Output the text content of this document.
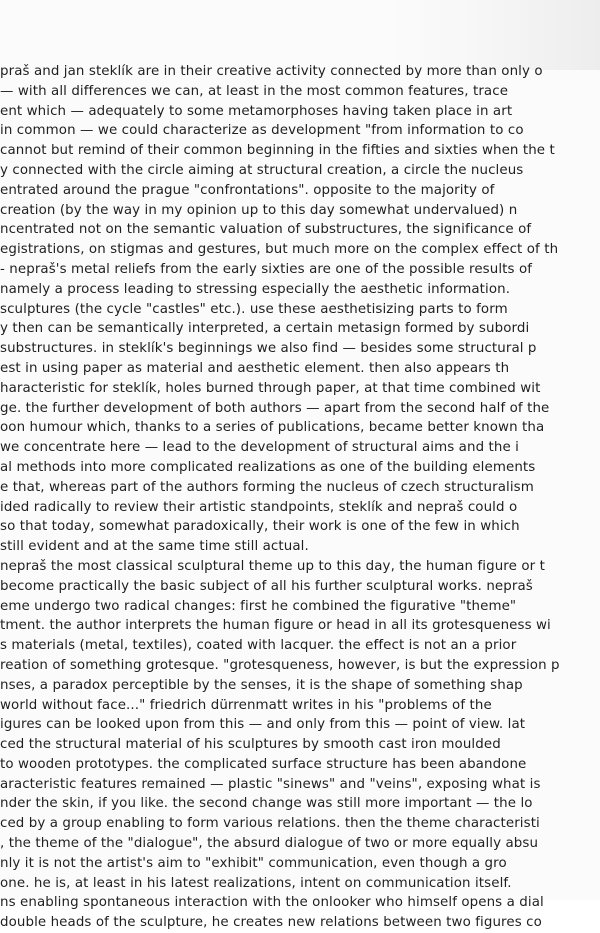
praš and jan steklík are in their creative activity connected by more than only o
— with all differences we can, at least in the most common features, trace
ent which — adequately to some metamorphoses having taken place in art
in common — we could characterize as development "from information to co
cannot but remind of their common beginning in the fifties and sixties when the t
y connected with the circle aiming at structural creation, a circle the nucleus
entrated around the prague "confrontations". opposite to the majority of
creation (by the way in my opinion up to this day somewhat undervalued) n
ncentrated not on the semantic valuation of substructures, the significance of
egistrations, on stigmas and gestures, but much more on the complex effect of th
- nepraš's metal reliefs from the early sixties are one of the possible results of
namely a process leading to stressing especially the aesthetic information.
sculptures (the cycle "castles" etc.). use these aesthetisizing parts to form
y then can be semantically interpreted, a certain metasign formed by subordi
substructures. in steklík's beginnings we also find — besides some structural p
est in using paper as material and aesthetic element. then also appears th
haracteristic for steklík, holes burned through paper, at that time combined wit
ge. the further development of both authors — apart from the second half of the
oon humour which, thanks to a series of publications, became better known tha
we concentrate here — lead to the development of structural aims and the i
al methods into more complicated realizations as one of the building elements
e that, whereas part of the authors forming the nucleus of czech structuralism
ided radically to review their artistic standpoints, steklík and nepraš could o
so that today, somewhat paradoxically, their work is one of the few in which
still evident and at the same time still actual.
nepraš the most classical sculptural theme up to this day, the human figure or t
become practically the basic subject of all his further sculptural works. nepraš
eme undergo two radical changes: first he combined the figurative "theme"
tment. the author interprets the human figure or head in all its grotesqueness wi
s materials (metal, textiles), coated with lacquer. the effect is not an a prior
reation of something grotesque. "grotesqueness, however, is but the expression p
nses, a paradox perceptible by the senses, it is the shape of something shap
world without face..." friedrich dürrenmatt writes in his "problems of the
igures can be looked upon from this — and only from this — point of view. lat
ced the structural material of his sculptures by smooth cast iron moulded
to wooden prototypes. the complicated surface structure has been abandone
aracteristic features remained — plastic "sinews" and "veins", exposing what is
nder the skin, if you like. the second change was still more important — the lo
ced by a group enabling to form various relations. then the theme characteristi
, the theme of the "dialogue", the absurd dialogue of two or more equally absu
nly it is not the artist's aim to "exhibit" communication, even though a gro
one. he is, at least in his latest realizations, intent on communication itself.
ns enabling spontaneous interaction with the onlooker who himself opens a dial
double heads of the sculpture, he creates new relations between two figures co
